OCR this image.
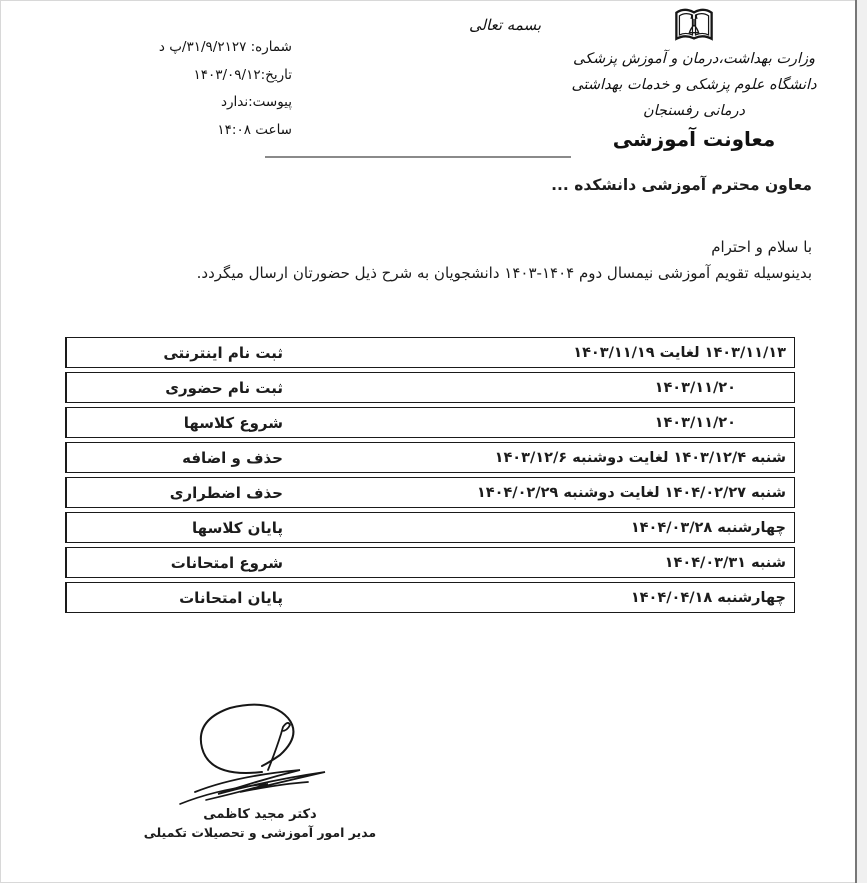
وزارت بهداشت،درمان و آموزش پزشکی
دانشگاه علوم پزشکی و خدمات بهداشتی درمانی رفسنجان
معاونت آموزشی
بسمه تعالی
شماره: ۳۱/۹/۲۱۲۷/پ د
تاریخ:۱۴۰۳/۰۹/۱۲
پیوست:ندارد
ساعت ۱۴:۰۸
معاون محترم آموزشی دانشکده ...
با سلام و احترام
بدینوسیله تقویم آموزشی نیمسال دوم ۱۴۰۴-۱۴۰۳ دانشجویان به شرح ذیل حضورتان ارسال میگردد.
ثبت نام اینترنتی	۱۴۰۳/۱۱/۱۳ لغایت ۱۴۰۳/۱۱/۱۹
ثبت نام حضوری	۱۴۰۳/۱۱/۲۰
شروع کلاسها	۱۴۰۳/۱۱/۲۰
حذف و اضافه	شنبه ۱۴۰۳/۱۲/۴ لغایت دوشنبه ۱۴۰۳/۱۲/۶
حذف اضطراری	شنبه ۱۴۰۴/۰۲/۲۷ لغایت دوشنبه ۱۴۰۴/۰۲/۲۹
پایان کلاسها	چهارشنبه ۱۴۰۴/۰۳/۲۸
شروع امتحانات	شنبه ۱۴۰۴/۰۳/۳۱
پایان امتحانات	چهارشنبه ۱۴۰۴/۰۴/۱۸
دکتر مجید کاظمی
مدیر امور آموزشی و تحصیلات تکمیلی
